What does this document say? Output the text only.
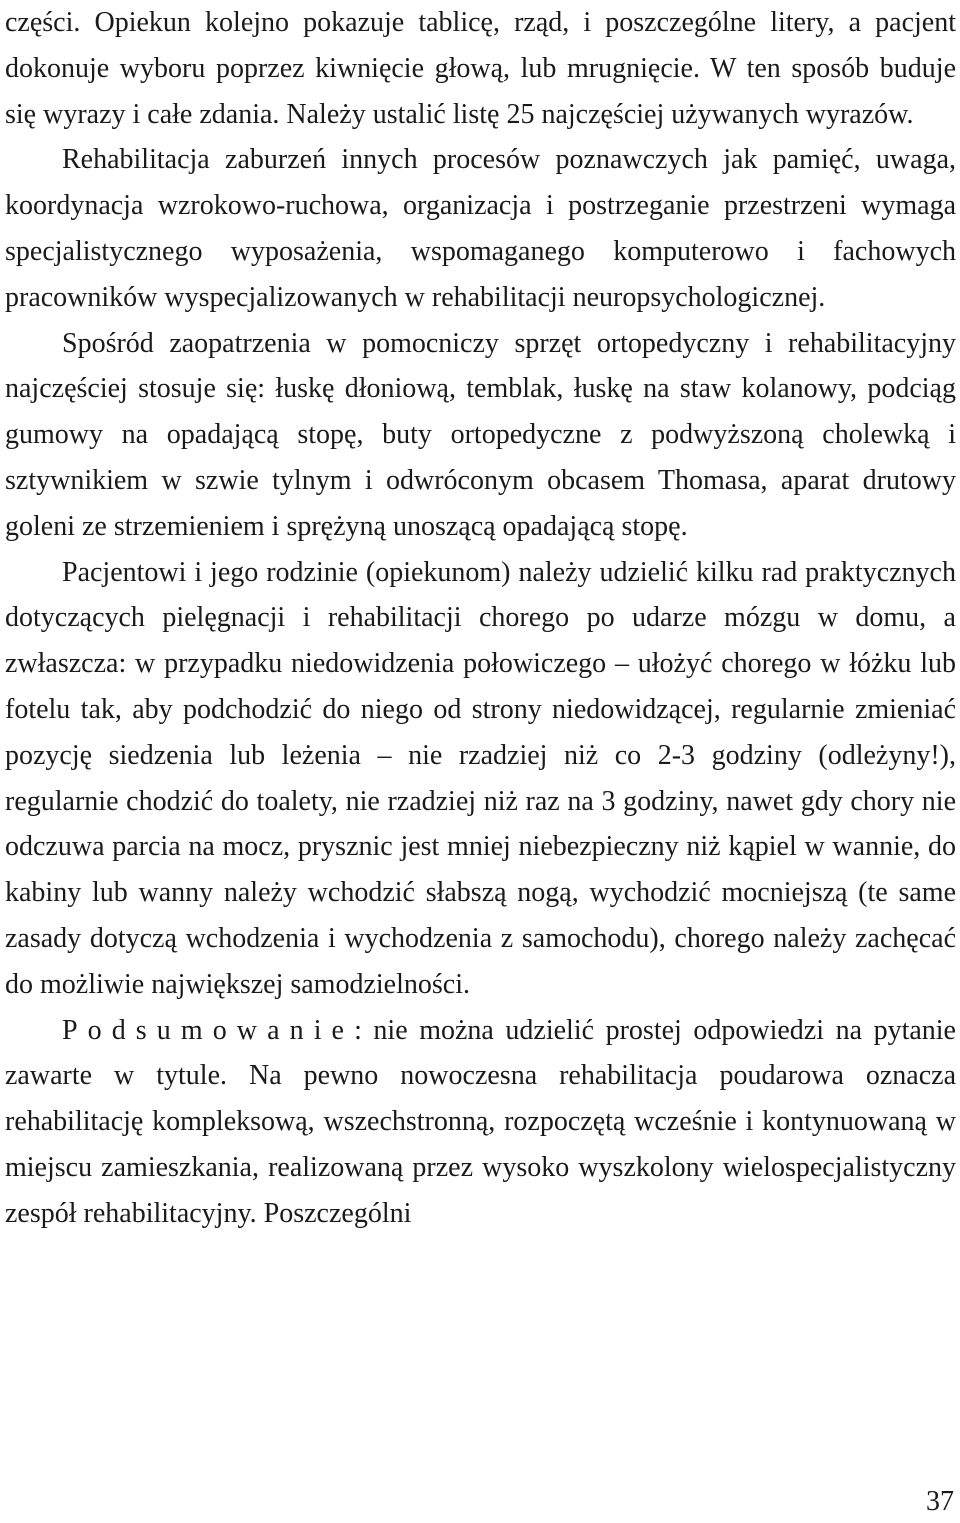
części. Opiekun kolejno pokazuje tablicę, rząd, i poszczególne litery, a pacjent dokonuje wyboru poprzez kiwnięcie głową, lub mrugnięcie. W ten sposób buduje się wyrazy i całe zdania. Należy ustalić listę 25 najczęściej używanych wyrazów.

Rehabilitacja zaburzeń innych procesów poznawczych jak pamięć, uwaga, koordynacja wzrokowo-ruchowa, organizacja i postrzeganie przestrzeni wymaga specjalistycznego wyposażenia, wspomaganego komputerowo i fachowych pracowników wyspecjalizowanych w rehabilitacji neuropsychologicznej.

Spośród zaopatrzenia w pomocniczy sprzęt ortopedyczny i rehabilitacyjny najczęściej stosuje się: łuskę dłoniową, temblak, łuskę na staw kolanowy, podciąg gumowy na opadającą stopę, buty ortopedyczne z podwyższoną cholewką i sztywnikiem w szwie tylnym i odwróconym obcasem Thomasa, aparat drutowy goleni ze strzemieniem i sprężyną unoszącą opadającą stopę.

Pacjentowi i jego rodzinie (opiekunom) należy udzielić kilku rad praktycznych dotyczących pielęgnacji i rehabilitacji chorego po udarze mózgu w domu, a zwłaszcza: w przypadku niedowidzenia połowiczego – ułożyć chorego w łóżku lub fotelu tak, aby podchodzić do niego od strony niedowidzącej, regularnie zmieniać pozycję siedzenia lub leżenia – nie rzadziej niż co 2-3 godziny (odleżyny!), regularnie chodzić do toalety, nie rzadziej niż raz na 3 godziny, nawet gdy chory nie odczuwa parcia na mocz, prysznic jest mniej niebezpieczny niż kąpiel w wannie, do kabiny lub wanny należy wchodzić słabszą nogą, wychodzić mocniejszą (te same zasady dotyczą wchodzenia i wychodzenia z samochodu), chorego należy zachęcać do możliwie największej samodzielności.

Podsumowanie: nie można udzielić prostej odpowiedzi na pytanie zawarte w tytule. Na pewno nowoczesna rehabilitacja poudarowa oznacza rehabilitację kompleksową, wszechstronną, rozpoczętą wcześnie i kontynuowaną w miejscu zamieszkania, realizowaną przez wysoko wyszkolony wielospecjalistyczny zespół rehabilitacyjny. Poszczególni

37
